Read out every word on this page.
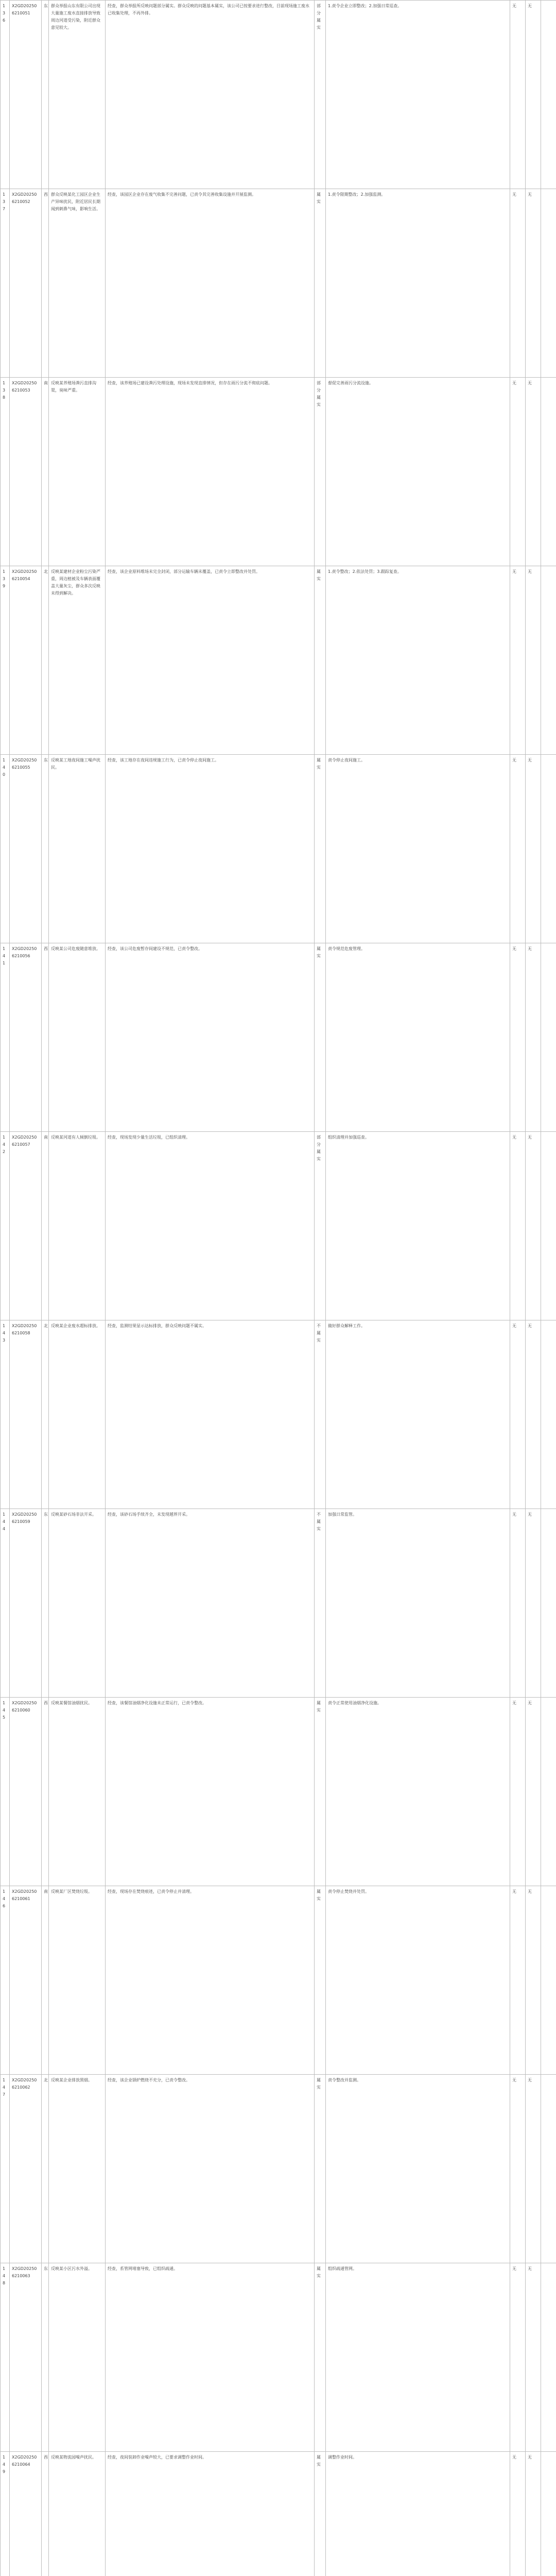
136	X2GD202506210051	东	群众举报山东有限公司出现大量施工废水直接排放导致周边河道受污染，附近群众意见较大。	经查，群众举报所反映问题部分属实。群众反映的问题基本属实，该公司已按要求进行整改，目前现场施工废水已收集处理，不再外排。	部分属实	1.责令企业立即整改；2.加强日常巡查。	无	无	
137	X2GD202506210052	西	群众反映某化工园区企业生产异味扰民，附近居民长期闻到刺鼻气味，影响生活。	经查，该园区企业存在废气收集不完善问题，已责令其完善收集设施并开展监测。	属实	1.责令限期整改；2.加强监测。	无	无	
138	X2GD202506210053	南	反映某养殖场粪污直排沟渠，臭味严重。	经查，该养殖场已建设粪污处理设施，现场未发现直排情况，但存在雨污分流不彻底问题。	部分属实	督促完善雨污分流设施。	无	无	
139	X2GD202506210054	北	反映某建材企业粉尘污染严重，周边植被及车辆表面覆盖大量灰尘，群众多次反映未得到解决。	经查，该企业原料堆场未完全封闭，部分运输车辆未覆盖，已责令立即整改并处罚。	属实	1.责令整改；2.依法处罚；3.跟踪复查。	无	无	
140	X2GD202506210055	东	反映某工地夜间施工噪声扰民。	经查，该工地存在夜间违规施工行为，已责令停止夜间施工。	属实	责令停止夜间施工。	无	无	
141	X2GD202506210056	西	反映某公司危废随意堆放。	经查，该公司危废暂存间建设不规范，已责令整改。	属实	责令规范危废管理。	无	无	
142	X2GD202506210057	南	反映某河道有人倾倒垃圾。	经查，现场发现少量生活垃圾，已组织清理。	部分属实	组织清理并加强巡查。	无	无	
143	X2GD202506210058	北	反映某企业废水超标排放。	经查，监测结果显示达标排放，群众反映问题不属实。	不属实	做好群众解释工作。	无	无	
144	X2GD202506210059	东	反映某砂石场非法开采。	经查，该砂石场手续齐全，未发现越界开采。	不属实	加强日常监管。	无	无	
145	X2GD202506210060	西	反映某餐馆油烟扰民。	经查，该餐馆油烟净化设施未正常运行，已责令整改。	属实	责令正常使用油烟净化设施。	无	无	
146	X2GD202506210061	南	反映某厂区焚烧垃圾。	经查，现场存在焚烧痕迹，已责令停止并清理。	属实	责令停止焚烧并处罚。	无	无	
147	X2GD202506210062	北	反映某企业排放黑烟。	经查，该企业锅炉燃烧不充分，已责令整改。	属实	责令整改并监测。	无	无	
148	X2GD202506210063	东	反映某小区污水外溢。	经查，系管网堵塞导致，已组织疏通。	属实	组织疏通管网。	无	无	
149	X2GD202506210064	西	反映某物流园噪声扰民。	经查，夜间装卸作业噪声较大，已要求调整作业时间。	属实	调整作业时间。	无	无	
